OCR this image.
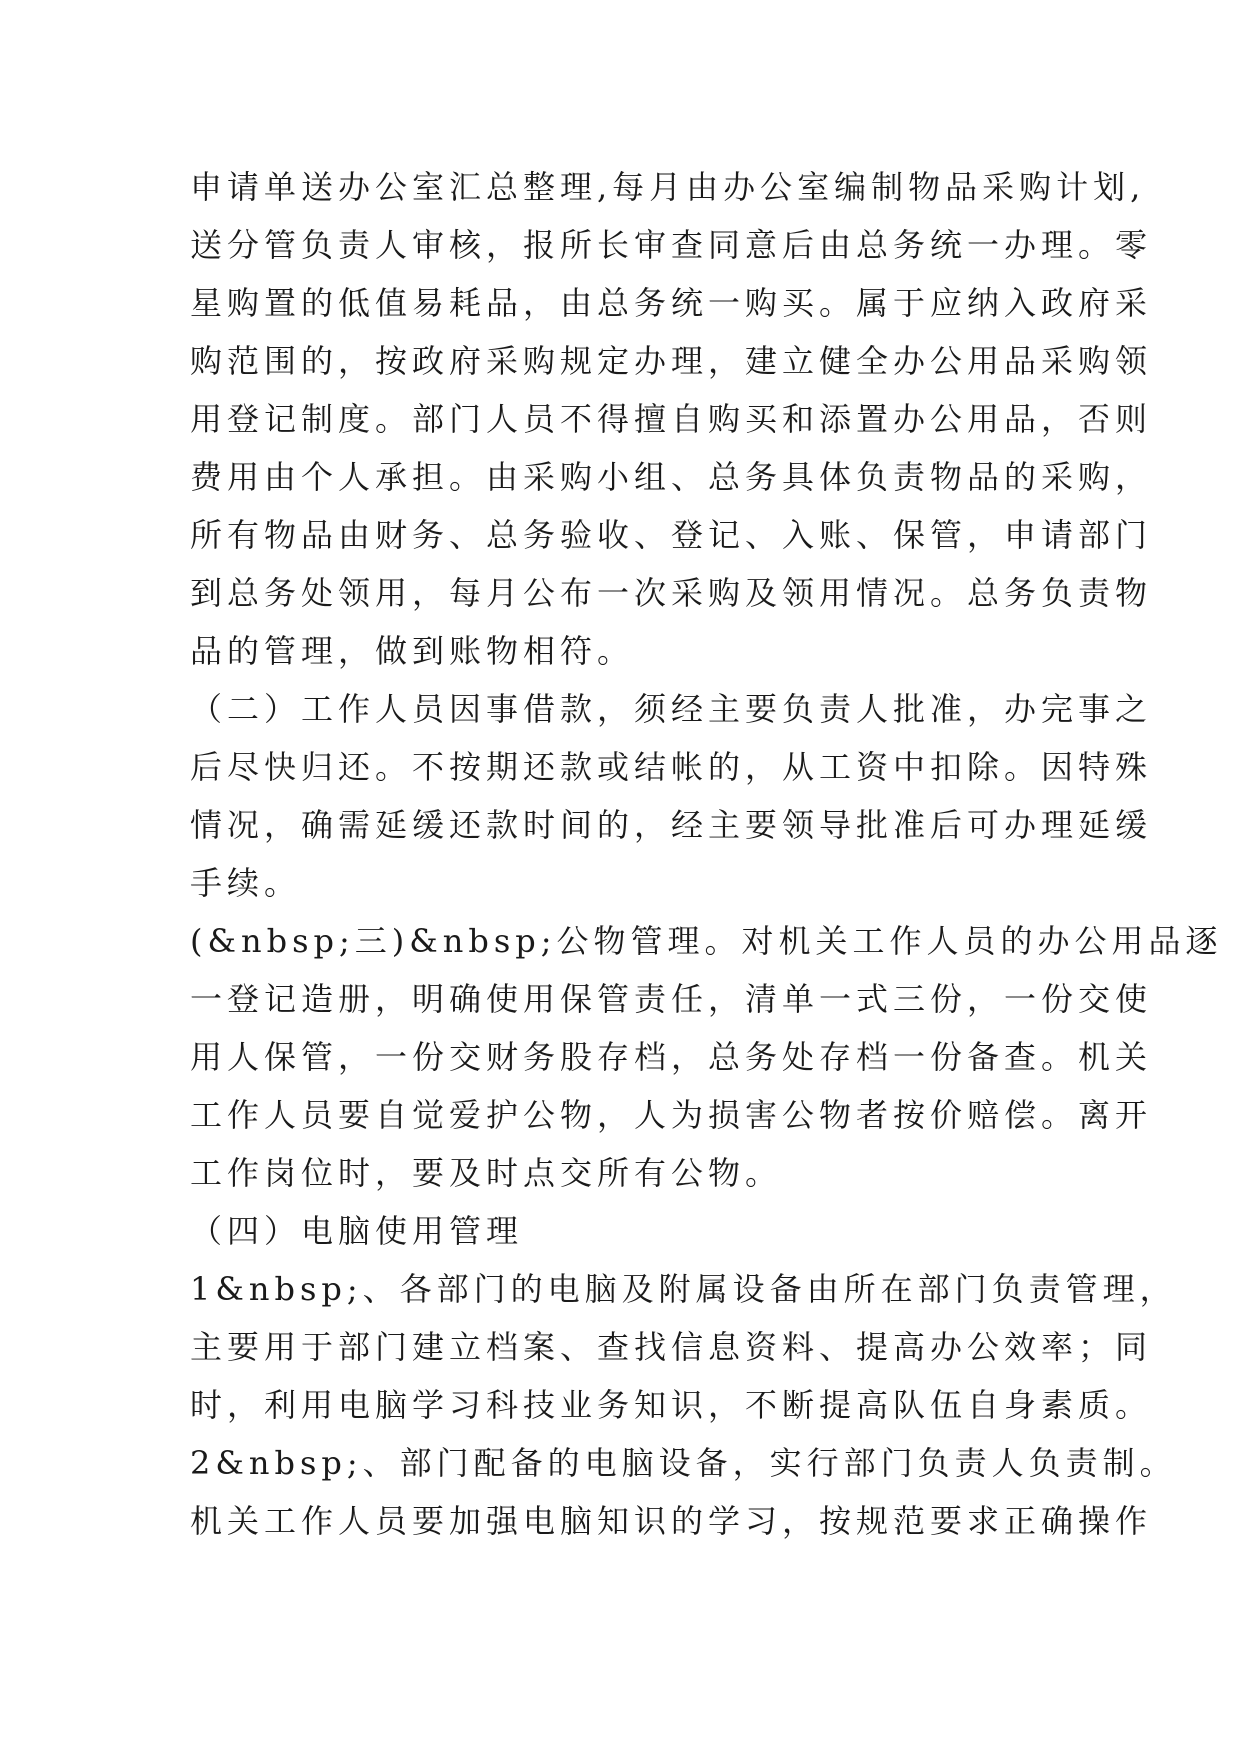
申请单送办公室汇总整理,每月由办公室编制物品采购计划,
送分管负责人审核，报所长审查同意后由总务统一办理。零
星购置的低值易耗品，由总务统一购买。属于应纳入政府采
购范围的，按政府采购规定办理，建立健全办公用品采购领
用登记制度。部门人员不得擅自购买和添置办公用品，否则
费用由个人承担。由采购小组、总务具体负责物品的采购，
所有物品由财务、总务验收、登记、入账、保管，申请部门
到总务处领用，每月公布一次采购及领用情况。总务负责物
品的管理，做到账物相符。
（二）工作人员因事借款，须经主要负责人批准，办完事之
后尽快归还。不按期还款或结帐的，从工资中扣除。因特殊
情况，确需延缓还款时间的，经主要领导批准后可办理延缓
手续。
(&nbsp;三)&nbsp;公物管理。对机关工作人员的办公用品逐
一登记造册，明确使用保管责任，清单一式三份，一份交使
用人保管，一份交财务股存档，总务处存档一份备查。机关
工作人员要自觉爱护公物，人为损害公物者按价赔偿。离开
工作岗位时，要及时点交所有公物。
（四）电脑使用管理
1&nbsp;、各部门的电脑及附属设备由所在部门负责管理，
主要用于部门建立档案、查找信息资料、提高办公效率；同
时，利用电脑学习科技业务知识，不断提高队伍自身素质。
2&nbsp;、部门配备的电脑设备，实行部门负责人负责制。
机关工作人员要加强电脑知识的学习，按规范要求正确操作
